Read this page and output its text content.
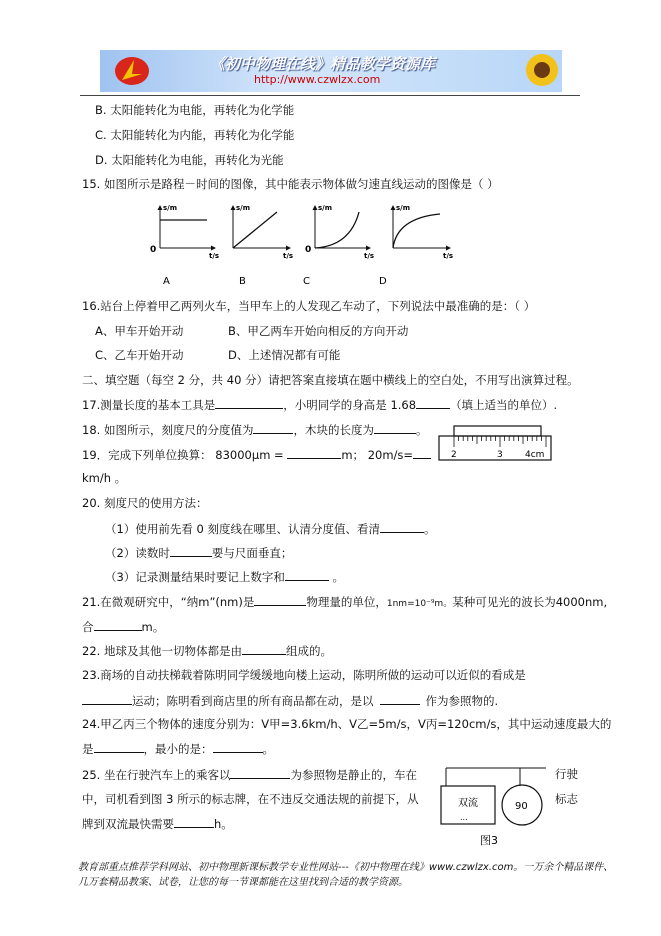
《初中物理在线》精品教学资源库
http://www.czwlzx.com
B. 太阳能转化为电能，再转化为化学能
C. 太阳能转化为内能，再转化为化学能
D. 太阳能转化为电能，再转化为光能
15. 如图所示是路程－时间的图像，其中能表示物体做匀速直线运动的图像是（ ）
s/m
t/s
0
A
s/m
t/s
B
s/m
t/s
0
C
s/m
t/s
D
16.站台上停着甲乙两列火车，当甲车上的人发现乙车动了，下列说法中最准确的是：（ ）
A、甲车开始开动	B、甲乙两车开始向相反的方向开动
C、乙车开始开动	D、上述情况都有可能
二、填空题（每空 2 分，共 40 分）请把答案直接填在题中横线上的空白处，不用写出演算过程。
17.测量长度的基本工具是	，小明同学的身高是 1.68	（填上适当的单位）.
18. 如图所示，刻度尺的分度值为	，木块的长度为	。
2	3 4cm
19．完成下列单位换算： 83000μm =	m； 20m/s=
km/h 。
20. 刻度尺的使用方法：
（1）使用前先看 0 刻度线在哪里、认清分度值、看清	。
（2）读数时	要与尺面垂直；
（3）记录测量结果时要记上数字和	。
21.在微观研究中，“纳m”(nm)是	物理量的单位，1nm=10⁻⁹m。某种可见光的波长为4000nm,
合	m。
22. 地球及其他一切物体都是由	组成的。
23.商场的自动扶梯载着陈明同学缓缓地向楼上运动，陈明所做的运动可以近似的看成是
运动；陈明看到商店里的所有商品都在动，是以	作为参照物的.
24.甲乙丙三个物体的速度分别为：V甲=3.6km/h、V乙=5m/s，V丙=120cm/s，其中运动速度最大的
是	，最小的是：	。
25. 坐在行驶汽车上的乘客以	为参照物是静止的，车在	行驶
中，司机看到图 3 所示的标志牌，在不违反交通法规的前提下，从	标志
牌到双流最快需要	h。
双流
...
90
图3
教育部重点推荐学科网站、初中物理新课标教学专业性网站---《初中物理在线》www.czwlzx.com。一万余个精品课件、
几万套精品教案、试卷，让您的每一节课都能在这里找到合适的教学资源。
